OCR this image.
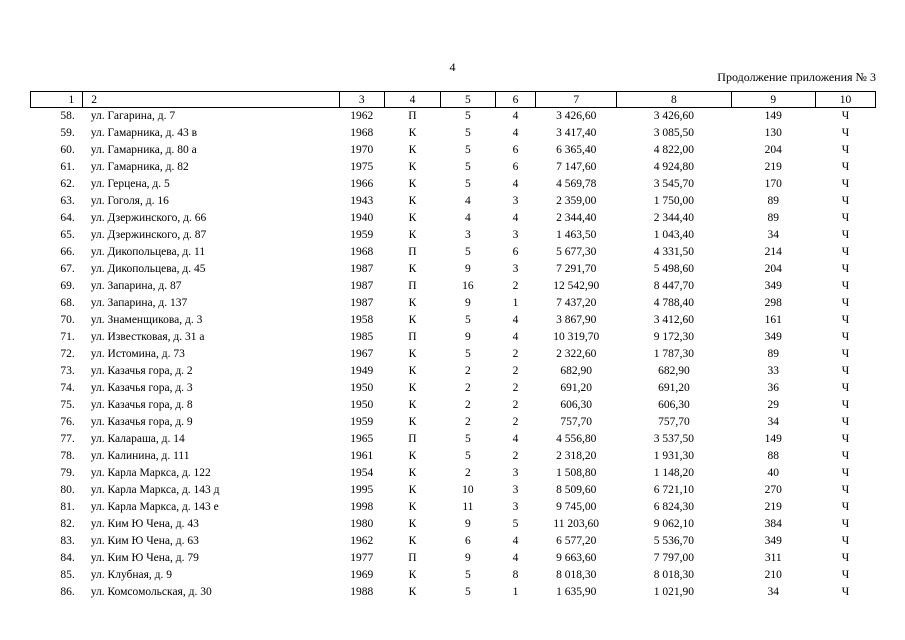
4
Продолжение приложения № 3
1	2	3	4	5	6	7	8	9	10
58.	ул. Гагарина, д. 7	1962	П	5	4	3 426,60	3 426,60	149	Ч
59.	ул. Гамарника, д. 43 в	1968	К	5	4	3 417,40	3 085,50	130	Ч
60.	ул. Гамарника, д. 80 а	1970	К	5	6	6 365,40	4 822,00	204	Ч
61.	ул. Гамарника, д. 82	1975	К	5	6	7 147,60	4 924,80	219	Ч
62.	ул. Герцена, д. 5	1966	К	5	4	4 569,78	3 545,70	170	Ч
63.	ул. Гоголя, д. 16	1943	К	4	3	2 359,00	1 750,00	89	Ч
64.	ул. Дзержинского, д. 66	1940	К	4	4	2 344,40	2 344,40	89	Ч
65.	ул. Дзержинского, д. 87	1959	К	3	3	1 463,50	1 043,40	34	Ч
66.	ул. Дикопольцева, д. 11	1968	П	5	6	5 677,30	4 331,50	214	Ч
67.	ул. Дикопольцева, д. 45	1987	К	9	3	7 291,70	5 498,60	204	Ч
69.	ул. Запарина, д. 87	1987	П	16	2	12 542,90	8 447,70	349	Ч
68.	ул. Запарина, д. 137	1987	К	9	1	7 437,20	4 788,40	298	Ч
70.	ул. Знаменщикова, д. 3	1958	К	5	4	3 867,90	3 412,60	161	Ч
71.	ул. Известковая, д. 31 а	1985	П	9	4	10 319,70	9 172,30	349	Ч
72.	ул. Истомина, д. 73	1967	К	5	2	2 322,60	1 787,30	89	Ч
73.	ул. Казачья гора, д. 2	1949	К	2	2	682,90	682,90	33	Ч
74.	ул. Казачья гора, д. 3	1950	К	2	2	691,20	691,20	36	Ч
75.	ул. Казачья гора, д. 8	1950	К	2	2	606,30	606,30	29	Ч
76.	ул. Казачья гора, д. 9	1959	К	2	2	757,70	757,70	34	Ч
77.	ул. Калараша, д. 14	1965	П	5	4	4 556,80	3 537,50	149	Ч
78.	ул. Калинина, д. 111	1961	К	5	2	2 318,20	1 931,30	88	Ч
79.	ул. Карла Маркса, д. 122	1954	К	2	3	1 508,80	1 148,20	40	Ч
80.	ул. Карла Маркса, д. 143 д	1995	К	10	3	8 509,60	6 721,10	270	Ч
81.	ул. Карла Маркса, д. 143 е	1998	К	11	3	9 745,00	6 824,30	219	Ч
82.	ул. Ким Ю Чена, д. 43	1980	К	9	5	11 203,60	9 062,10	384	Ч
83.	ул. Ким Ю Чена, д. 63	1962	К	6	4	6 577,20	5 536,70	349	Ч
84.	ул. Ким Ю Чена, д. 79	1977	П	9	4	9 663,60	7 797,00	311	Ч
85.	ул. Клубная, д. 9	1969	К	5	8	8 018,30	8 018,30	210	Ч
86.	ул. Комсомольская, д. 30	1988	К	5	1	1 635,90	1 021,90	34	Ч
